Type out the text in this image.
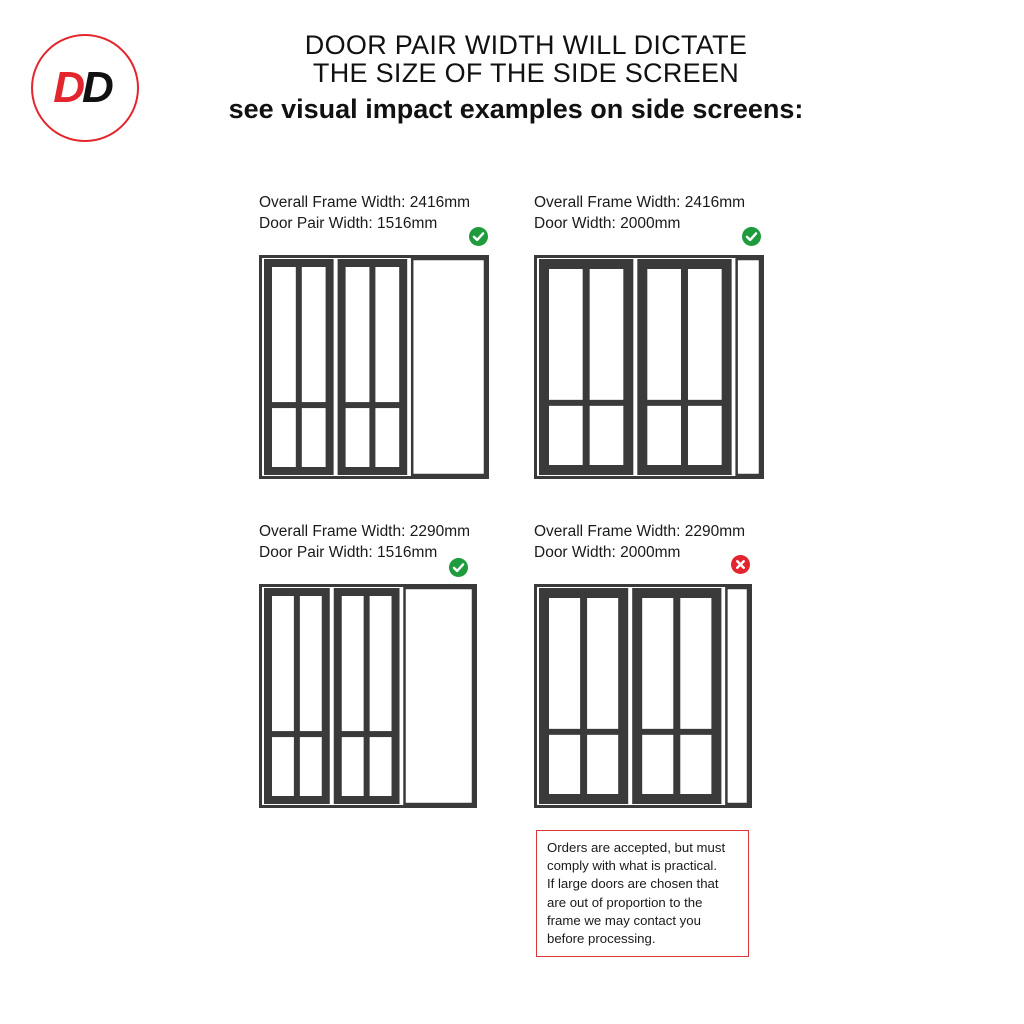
DD
DOOR PAIR WIDTH WILL DICTATE
THE SIZE OF THE SIDE SCREEN
see visual impact examples on side screens:
Overall Frame Width: 2416mm
Door Pair Width: 1516mm
Overall Frame Width: 2416mm
Door Width: 2000mm
Overall Frame Width: 2290mm
Door Pair Width: 1516mm
Overall Frame Width: 2290mm
Door Width: 2000mm
Orders are accepted, but must
comply with what is practical.
If large doors are chosen that
are out of proportion to the
frame we may contact you
before processing.
